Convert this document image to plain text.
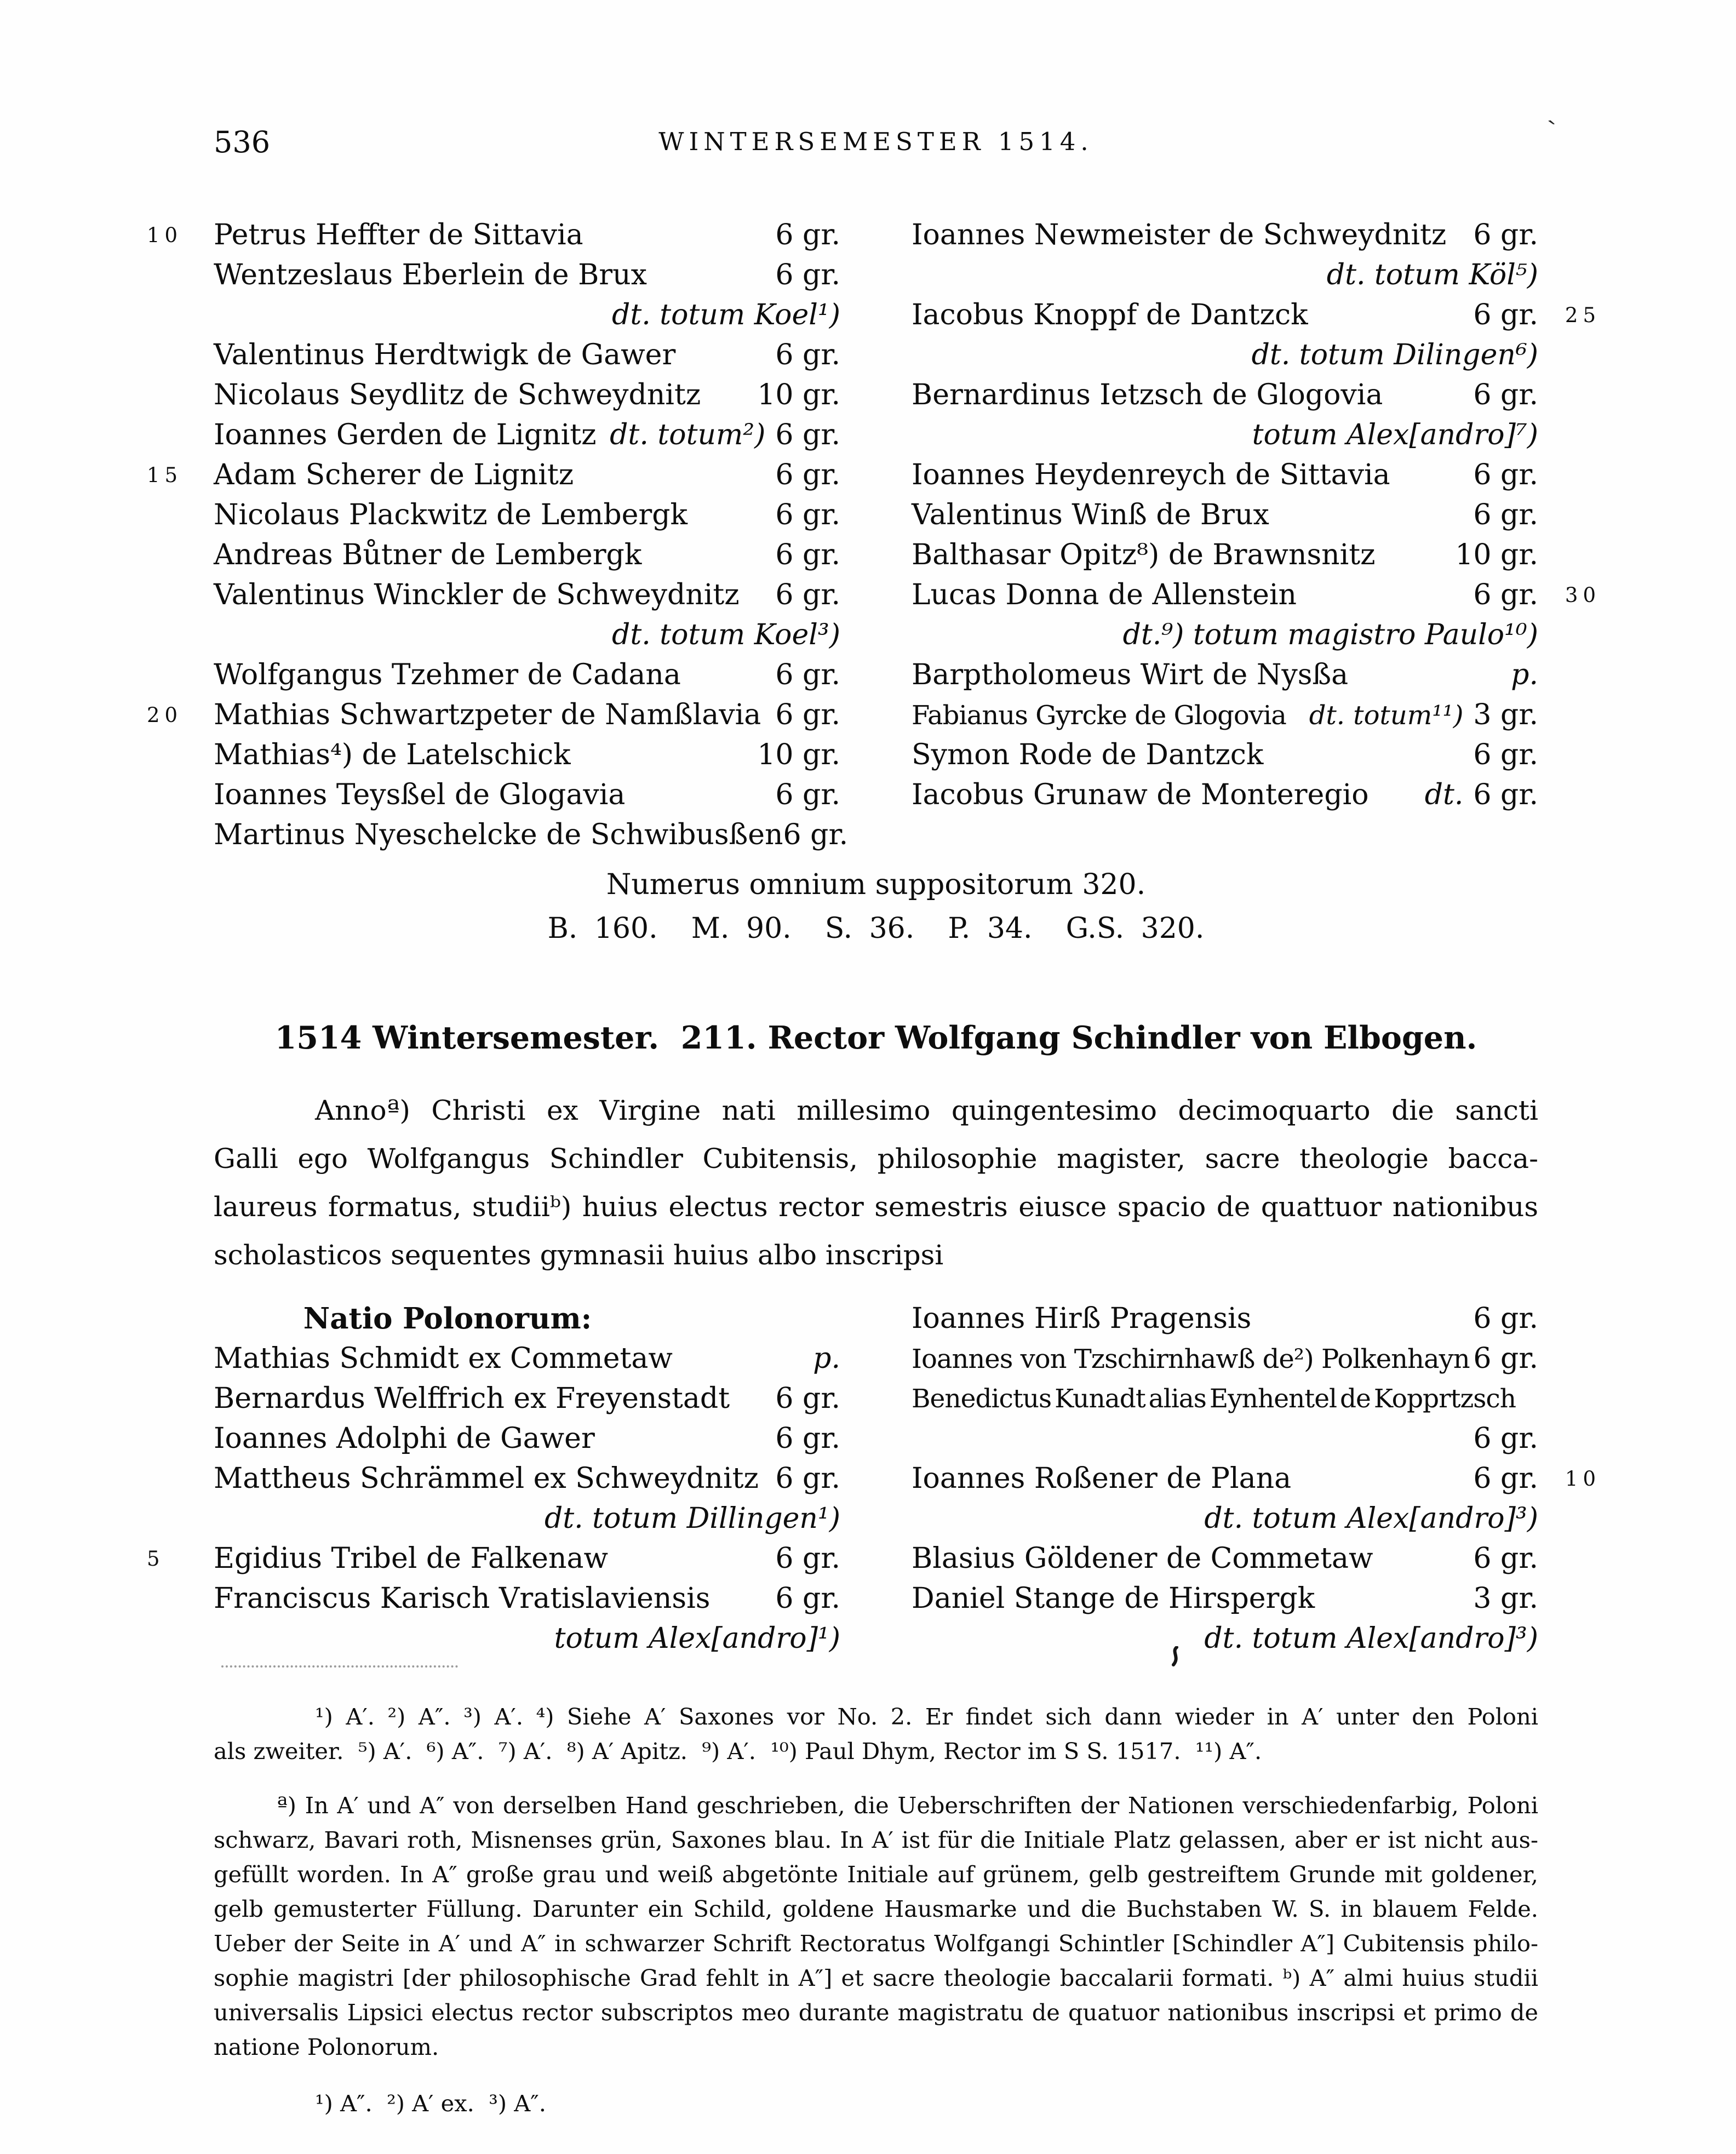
536	WINTERSEMESTER 1514.	ˋ
10 Petrus Heffter de Sittavia	6 gr.
Wentzeslaus Eberlein de Brux	6 gr.
dt. totum Koel¹)
Valentinus Herdtwigk de Gawer	6 gr.
Nicolaus Seydlitz de Schweydnitz 10 gr.
Ioannes Gerden de Lignitz dt. totum²) 6 gr.
15 Adam Scherer de Lignitz	6 gr.
Nicolaus Plackwitz de Lembergk	6 gr.
Andreas Bůtner de Lembergk	6 gr.
Valentinus Winckler de Schweydnitz 6 gr.
dt. totum Koel³)
Wolfgangus Tzehmer de Cadana	6 gr.
20 Mathias Schwartzpeter de Namßlavia 6 gr.
Mathias⁴) de Latelschick	10 gr.
Ioannes Teysßel de Glogavia	6 gr.
Martinus Nyeschelcke de Schwibusßen 6 gr.
Ioannes Newmeister de Schweydnitz 6 gr.
dt. totum Köl⁵)
25
Iacobus Knoppf de Dantzck	6 gr.
dt. totum Dilingen⁶)
Bernardinus Ietzsch de Glogovia	6 gr.
totum Alex[andro]⁷)
Ioannes Heydenreych de Sittavia	6 gr.
Valentinus Winß de Brux	6 gr.
Balthasar Opitz⁸) de Brawnsnitz	10 gr.
30
Lucas Donna de Allenstein	6 gr.
dt.⁹) totum magistro Paulo¹⁰)
Barptholomeus Wirt de Nysßa	p.
Fabianus Gyrcke de Glogovia dt. totum¹¹) 3 gr.
Symon Rode de Dantzck	6 gr.
Iacobus Grunaw de Monteregio dt. 6 gr.
Numerus omnium suppositorum 320.
B. 160.  M. 90.  S. 36.  P. 34.  G.S. 320.
1514 Wintersemester.  211. Rector Wolfgang Schindler von Elbogen.
Annoª) Christi ex Virgine nati millesimo quingentesimo decimoquarto die sancti
Galli ego Wolfgangus Schindler Cubitensis, philosophie magister, sacre theologie bacca-
laureus formatus, studiiᵇ) huius electus rector semestris eiusce spacio de quattuor nationibus
scholasticos sequentes gymnasii huius albo inscripsi
Natio Polonorum:
Mathias Schmidt ex Commetaw	p.
Bernardus Welffrich ex Freyenstadt 6 gr.
Ioannes Adolphi de Gawer	6 gr.
Mattheus Schrämmel ex Schweydnitz 6 gr.
dt. totum Dillingen¹)
5 Egidius Tribel de Falkenaw	6 gr.
Franciscus Karisch Vratislaviensis 6 gr.
totum Alex[andro]¹)
Ioannes Hirß Pragensis	6 gr.
Ioannes von Tzschirnhawß de²) Polkenhayn 6 gr.
Benedictus Kunadt alias Eynhentel de Kopprtzsch
6 gr.
10
Ioannes Roßener de Plana	6 gr.
dt. totum Alex[andro]³)
Blasius Göldener de Commetaw	6 gr.
Daniel Stange de Hirspergk	3 gr.
dt. totum Alex[andro]³)
¹) A′. ²) A″. ³) A′. ⁴) Siehe A′ Saxones vor No. 2. Er findet sich dann wieder in A′ unter den Poloni
als zweiter.  ⁵) A′.  ⁶) A″.  ⁷) A′.  ⁸) A′ Apitz.  ⁹) A′.  ¹⁰) Paul Dhym, Rector im S S. 1517.  ¹¹) A″.
ª) In A′ und A″ von derselben Hand geschrieben, die Ueberschriften der Nationen verschiedenfarbig, Poloni
schwarz, Bavari roth, Misnenses grün, Saxones blau. In A′ ist für die Initiale Platz gelassen, aber er ist nicht aus-
gefüllt worden. In A″ große grau und weiß abgetönte Initiale auf grünem, gelb gestreiftem Grunde mit goldener,
gelb gemusterter Füllung. Darunter ein Schild, goldene Hausmarke und die Buchstaben W. S. in blauem Felde.
Ueber der Seite in A′ und A″ in schwarzer Schrift Rectoratus Wolfgangi Schintler [Schindler A″] Cubitensis philo-
sophie magistri [der philosophische Grad fehlt in A″] et sacre theologie baccalarii formati. ᵇ) A″ almi huius studii
universalis Lipsici electus rector subscriptos meo durante magistratu de quatuor nationibus inscripsi et primo de
natione Polonorum.
¹) A″.  ²) A′ ex.  ³) A″.
